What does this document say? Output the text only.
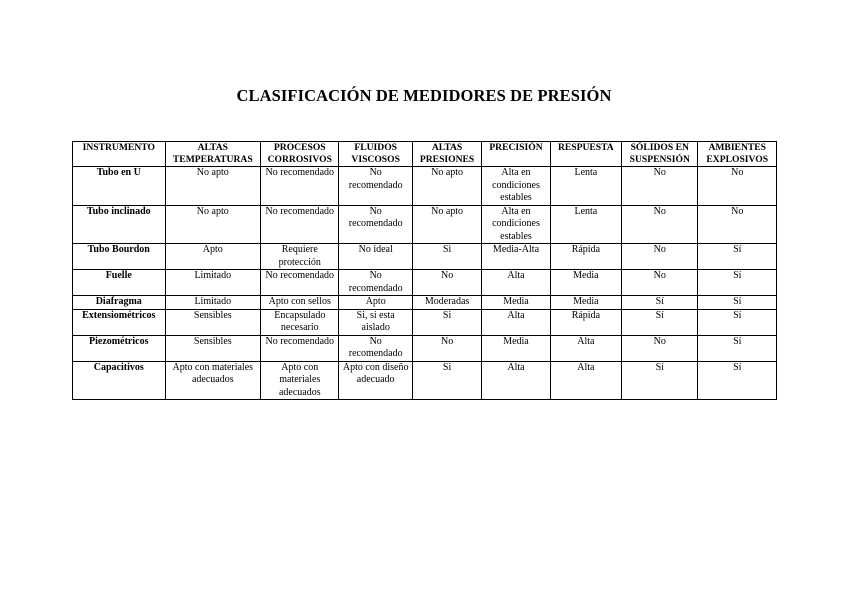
CLASIFICACIÓN DE MEDIDORES DE PRESIÓN
INSTRUMENTO	ALTAS TEMPERATURAS	PROCESOS CORROSIVOS	FLUIDOS VISCOSOS	ALTAS PRESIONES	PRECISIÓN	RESPUESTA	SÓLIDOS EN SUSPENSIÓN	AMBIENTES EXPLOSIVOS
Tubo en U	No apto	No recomendado	No recomendado	No apto	Alta en condiciones estables	Lenta	No	No
Tubo inclinado	No apto	No recomendado	No recomendado	No apto	Alta en condiciones estables	Lenta	No	No
Tubo Bourdon	Apto	Requiere protección	No ideal	Si	Media-Alta	Rápida	No	Sí
Fuelle	Limitado	No recomendado	No recomendado	No	Alta	Media	No	Sí
Diafragma	Limitado	Apto con sellos	Apto	Moderadas	Media	Media	Sí	Sí
Extensiométricos	Sensibles	Encapsulado necesario	Si, si esta aislado	Si	Alta	Rápida	Sí	Sí
Piezométricos	Sensibles	No recomendado	No recomendado	No	Media	Alta	No	Sí
Capacitivos	Apto con materiales adecuados	Apto con materiales adecuados	Apto con diseño adecuado	Si	Alta	Alta	Sí	Sí
